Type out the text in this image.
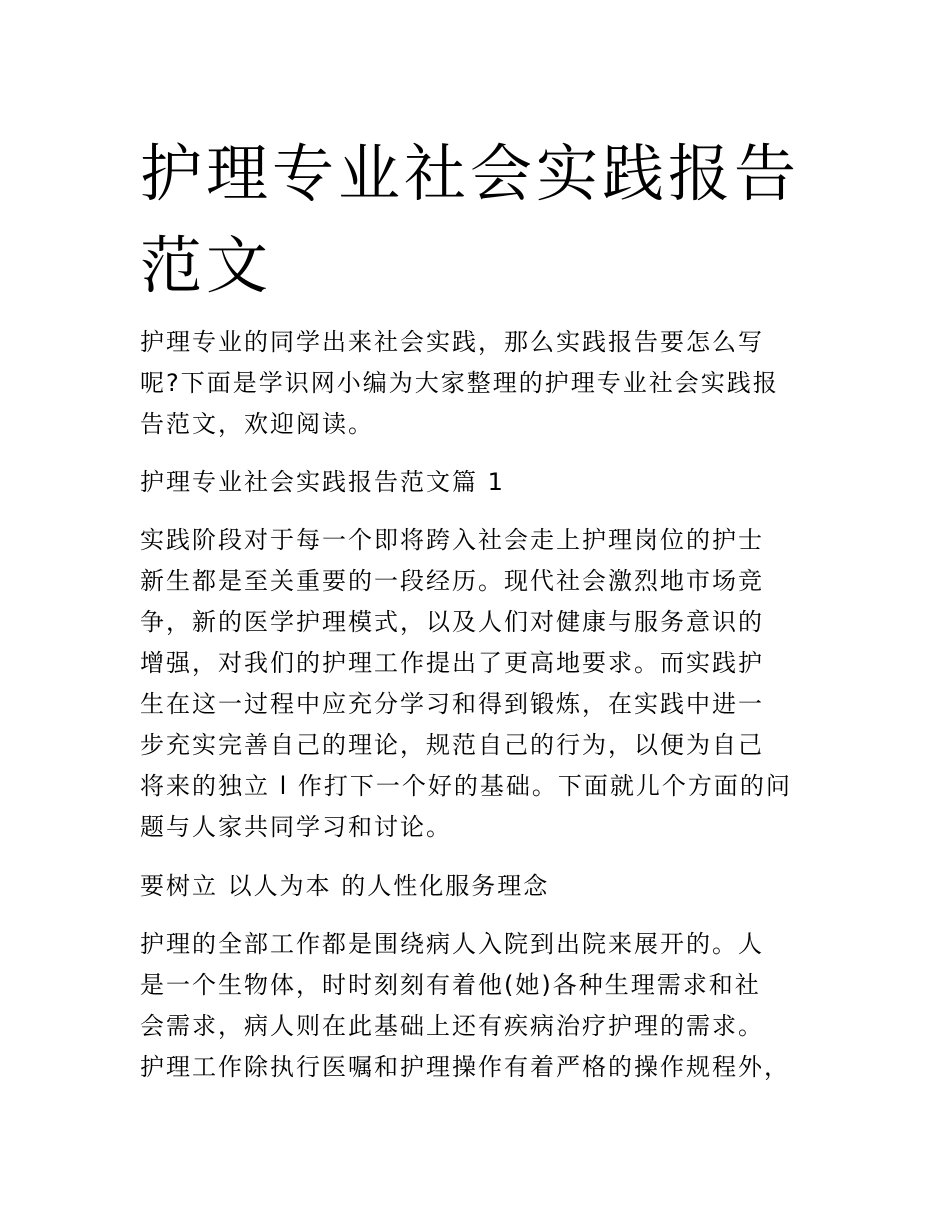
护理专业社会实践报告
范文

护理专业的同学出来社会实践，那么实践报告要怎么写
呢?下面是学识网小编为大家整理的护理专业社会实践报
告范文，欢迎阅读。

护理专业社会实践报告范文篇 1

实践阶段对于每一个即将跨入社会走上护理岗位的护士
新生都是至关重要的一段经历。现代社会激烈地市场竞
争，新的医学护理模式，以及人们对健康与服务意识的
增强，对我们的护理工作提出了更高地要求。而实践护
生在这一过程中应充分学习和得到锻炼，在实践中进一
步充实完善自己的理论，规范自己的行为，以便为自己
将来的独立 l 作打下一个好的基础。下面就儿个方面的问
题与人家共同学习和讨论。

要树立 以人为本 的人性化服务理念

护理的全部工作都是围绕病人入院到出院来展开的。人
是一个生物体，时时刻刻有着他(她)各种生理需求和社
会需求，病人则在此基础上还有疾病治疗护理的需求。
护理工作除执行医嘱和护理操作有着严格的操作规程外，
